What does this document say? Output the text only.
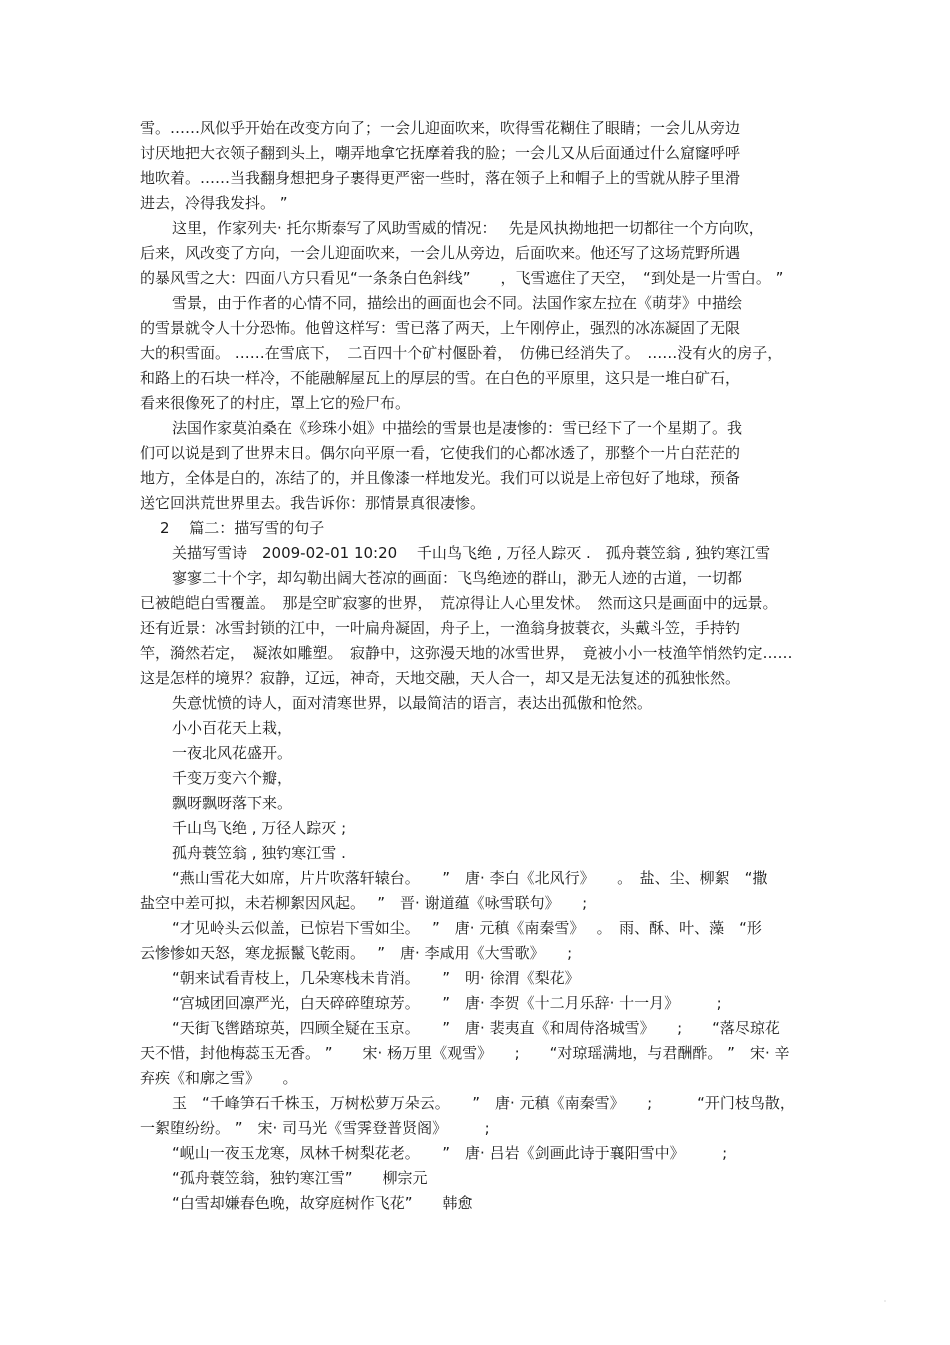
雪。……风似乎开始在改变方向了；一会儿迎面吹来，吹得雪花糊住了眼睛；一会儿从旁边
讨厌地把大衣领子翻到头上，嘲弄地拿它抚摩着我的脸；一会儿又从后面通过什么窟窿呼呼
地吹着。……当我翻身想把身子裹得更严密一些时，落在领子上和帽子上的雪就从脖子里滑
进去，冷得我发抖。 ”
这里，作家列夫· 托尔斯泰写了风助雪威的情况：　 先是风执拗地把一切都往一个方向吹，
后来，风改变了方向，一会儿迎面吹来，一会儿从旁边，后面吹来。他还写了这场荒野所遇
的暴风雪之大：四面八方只看见“一条条白色斜线”　　，飞雪遮住了天空，　“到处是一片雪白。 ”
雪景，由于作者的心情不同，描绘出的画面也会不同。法国作家左拉在《萌芽》中描绘
的雪景就令人十分恐怖。他曾这样写：雪已落了两天，上午刚停止，强烈的冰冻凝固了无限
大的积雪面。 ……在雪底下，　二百四十个矿村偃卧着，　仿佛已经消失了。　……没有火的房子，
和路上的石块一样冷，不能融解屋瓦上的厚层的雪。在白色的平原里，这只是一堆白矿石，
看来很像死了的村庄，罩上它的殓尸布。
法国作家莫泊桑在《珍珠小姐》中描绘的雪景也是凄惨的：雪已经下了一个星期了。我
们可以说是到了世界末日。偶尔向平原一看，它使我们的心都冰透了，那整个一片白茫茫的
地方，全体是白的，冻结了的，并且像漆一样地发光。我们可以说是上帝包好了地球，预备
送它回洪荒世界里去。我告诉你：那情景真很凄惨。
2　 篇二：描写雪的句子
关描写雪诗　2009-02-01 10:20　 千山鸟飞绝 , 万径人踪灭 .　孤舟蓑笠翁 , 独钓寒江雪
寥寥二十个字，却勾勒出阔大苍凉的画面：飞鸟绝迹的群山，渺无人迹的古道，一切都
已被皑皑白雪覆盖。　那是空旷寂寥的世界，　荒凉得让人心里发怵。　然而这只是画面中的远景。
还有近景：冰雪封锁的江中，一叶扁舟凝固，舟子上，一渔翁身披蓑衣，头戴斗笠，手持钓
竿，漪然若定，　凝浓如雕塑。　寂静中，这弥漫天地的冰雪世界，　竟被小小一枝渔竿悄然钓定……
这是怎样的境界？寂静，辽远，神奇，天地交融，天人合一，却又是无法复述的孤独怅然。
失意忧愤的诗人，面对清寒世界，以最简洁的语言，表达出孤傲和怆然。
小小百花天上栽，
一夜北风花盛开。
千变万变六个瓣，
飘呀飘呀落下来。
千山鸟飞绝 , 万径人踪灭 ;
孤舟蓑笠翁 , 独钓寒江雪 .
“燕山雪花大如席，片片吹落轩辕台。　　”　唐· 李白《北风行》　　。　盐、尘、柳絮　“撒
盐空中差可拟，未若柳絮因风起。　 ”　晋· 谢道蕴《咏雪联句》　　;
“才见岭头云似盖，已惊岩下雪如尘。　 ”　唐· 元稹《南秦雪》　 。　雨、酥、叶、藻　“形
云惨惨如天怒，寒龙振鬣飞乾雨。　 ”　唐· 李咸用《大雪歌》　　;
“朝来试看青枝上，几朵寒栈未肯消。　　”　明· 徐渭《梨花》
“宫城团回凛严光，白天碎碎堕琼芳。　　”　唐· 李贺《十二月乐辞· 十一月》　　　;
“天街飞辔踏琼英，四顾全疑在玉京。　　”　唐· 裴夷直《和周侍洛城雪》　　;　　“落尽琼花
天不惜，封他梅蕊玉无香。 ”　　宋· 杨万里《观雪》　　;　　“对琼瑶满地，与君酬酢。 ”　宋· 辛
弃疾《和廓之雪》　　。
玉　“千峰笋石千株玉，万树松萝万朵云。　　”　唐· 元稹《南秦雪》　　;　　　“开门枝鸟散，
一絮堕纷纷。 ”　宋· 司马光《雪霁登普贤阁》　　　;
“岘山一夜玉龙寒，凤林千树梨花老。　　”　唐· 吕岩《剑画此诗于襄阳雪中》　　　;
“孤舟蓑笠翁，独钓寒江雪”　　柳宗元
“白雪却嫌春色晚，故穿庭树作飞花”　　韩愈
